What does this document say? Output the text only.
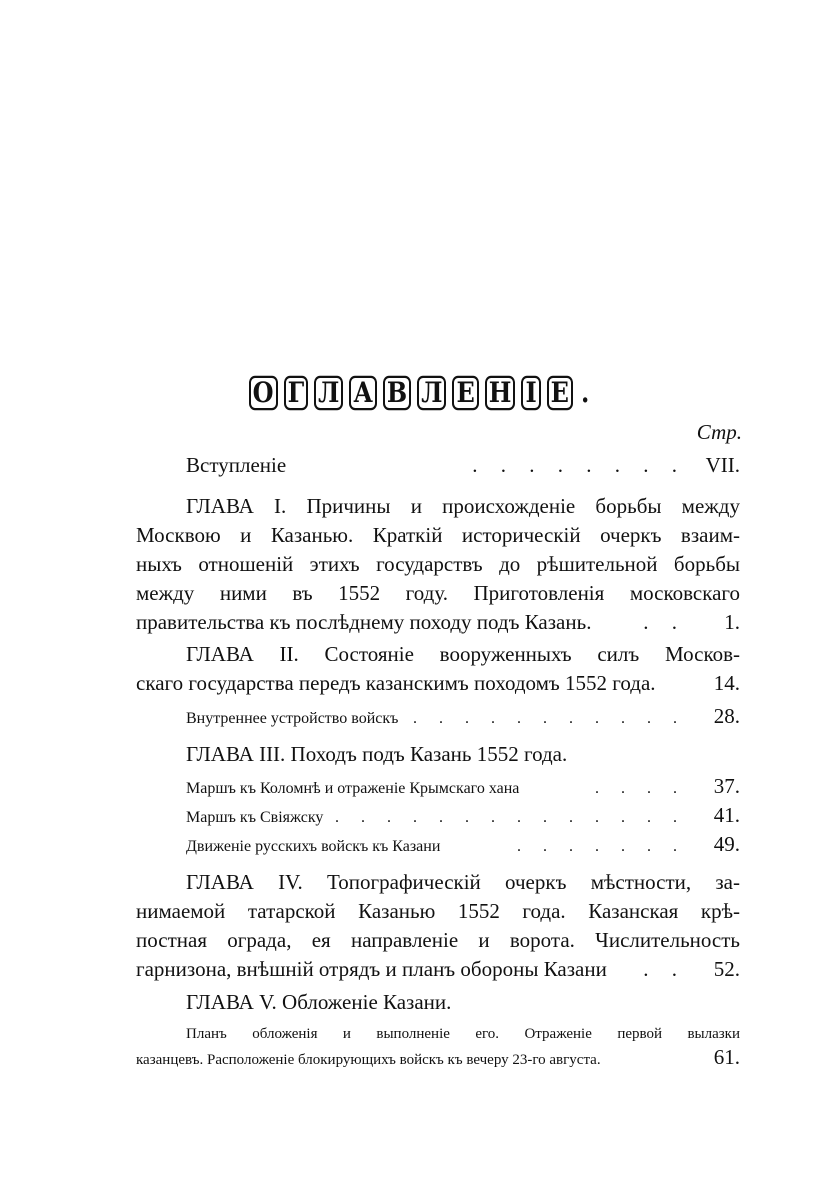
О Г Л А В Л Е Н І Е .
Стр.
Вступленіе	. . . . . . . . VII.
ГЛАВА I. Причины и происхожденіе борьбы между
Москвою и Казанью. Краткій историческій очеркъ взаим-
ныхъ отношеній этихъ государствъ до рѣшительной борьбы
между ними въ 1552 году. Приготовленія московскаго
правительства къ послѣднему походу подъ Казань.	. .	1.
ГЛАВА II. Состояніе вооруженныхъ силъ Москов-
скаго государства передъ казанскимъ походомъ 1552 года.	14.
Внутреннее устройство войскъ . . . . . . . . . . .	28.
ГЛАВА III. Походъ подъ Казань 1552 года.
Маршъ къ Коломнѣ и отраженіе Крымскаго хана	. . . .	37.
Маршъ къ Свіяжску . . . . . . . . . . . . . .	41.
Движеніе русскихъ войскъ къ Казани	. . . . . . .	49.
ГЛАВА IV. Топографическій очеркъ мѣстности, за-
нимаемой татарской Казанью 1552 года. Казанская крѣ-
постная ограда, ея направленіе и ворота. Числительность
гарнизона, внѣшній отрядъ и планъ обороны Казани	. .	52.
ГЛАВА V. Обложеніе Казани.
Планъ обложенія и выполненіе его. Отраженіе первой вылазки
казанцевъ. Расположеніе блокирующихъ войскъ къ вечеру 23-го августа.	61.
